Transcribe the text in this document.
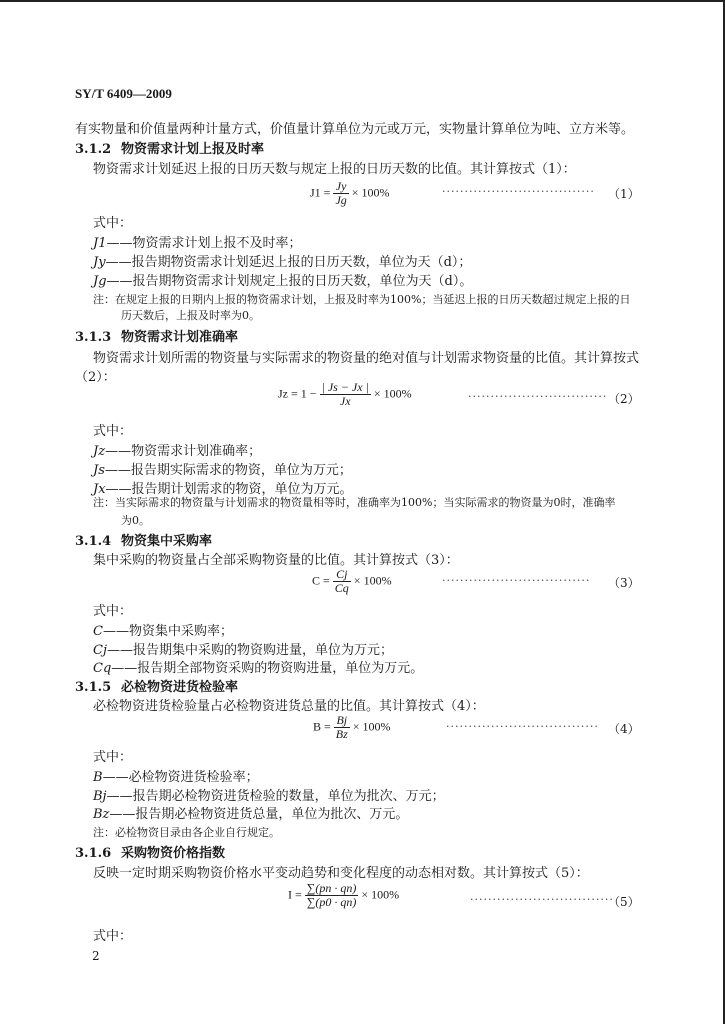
SY/T 6409—2009
有实物量和价值量两种计量方式，价值量计算单位为元或万元，实物量计算单位为吨、立方米等。
3.1.2 物资需求计划上报及时率
物资需求计划延迟上报的日历天数与规定上报的日历天数的比值。其计算按式（1）：
$J1 = \frac{Jy}{Jg} \times 100\%$	·································· （1）
式中：
J1——物资需求计划上报不及时率；
Jy——报告期物资需求计划延迟上报的日历天数，单位为天（d）；
Jg——报告期物资需求计划规定上报的日历天数，单位为天（d）。
注：在规定上报的日期内上报的物资需求计划，上报及时率为100%；当延迟上报的日历天数超过规定上报的日
历天数后，上报及时率为0。
3.1.3 物资需求计划准确率
物资需求计划所需的物资量与实际需求的物资量的绝对值与计划需求物资量的比值。其计算按式
（2）：
$Jz = 1 - \frac{| Js - Jx |}{Jx} \times 100\%$	······························· （2）
式中：
Jz——物资需求计划准确率；
Js——报告期实际需求的物资，单位为万元；
Jx——报告期计划需求的物资，单位为万元。
注：当实际需求的物资量与计划需求的物资量相等时，准确率为100%；当实际需求的物资量为0时，准确率
为0。
3.1.4 物资集中采购率
集中采购的物资量占全部采购物资量的比值。其计算按式（3）：
$C = \frac{Cj}{Cq} \times 100\%$	································· （3）
式中：
C——物资集中采购率；
Cj——报告期集中采购的物资购进量，单位为万元；
Cq——报告期全部物资采购的物资购进量，单位为万元。
3.1.5 必检物资进货检验率
必检物资进货检验量占必检物资进货总量的比值。其计算按式（4）：
$B = \frac{Bj}{Bz} \times 100\%$	·································· （4）
式中：
B——必检物资进货检验率；
Bj——报告期必检物资进货检验的数量，单位为批次、万元；
Bz——报告期必检物资进货总量，单位为批次、万元。
注：必检物资目录由各企业自行规定。
3.1.6 采购物资价格指数
反映一定时期采购物资价格水平变动趋势和变化程度的动态相对数。其计算按式（5）：
$I = \frac{\sum(pn \cdot qn)}{\sum(p0 \cdot qn)} \times 100\%$	································
（5）
式中：
2
